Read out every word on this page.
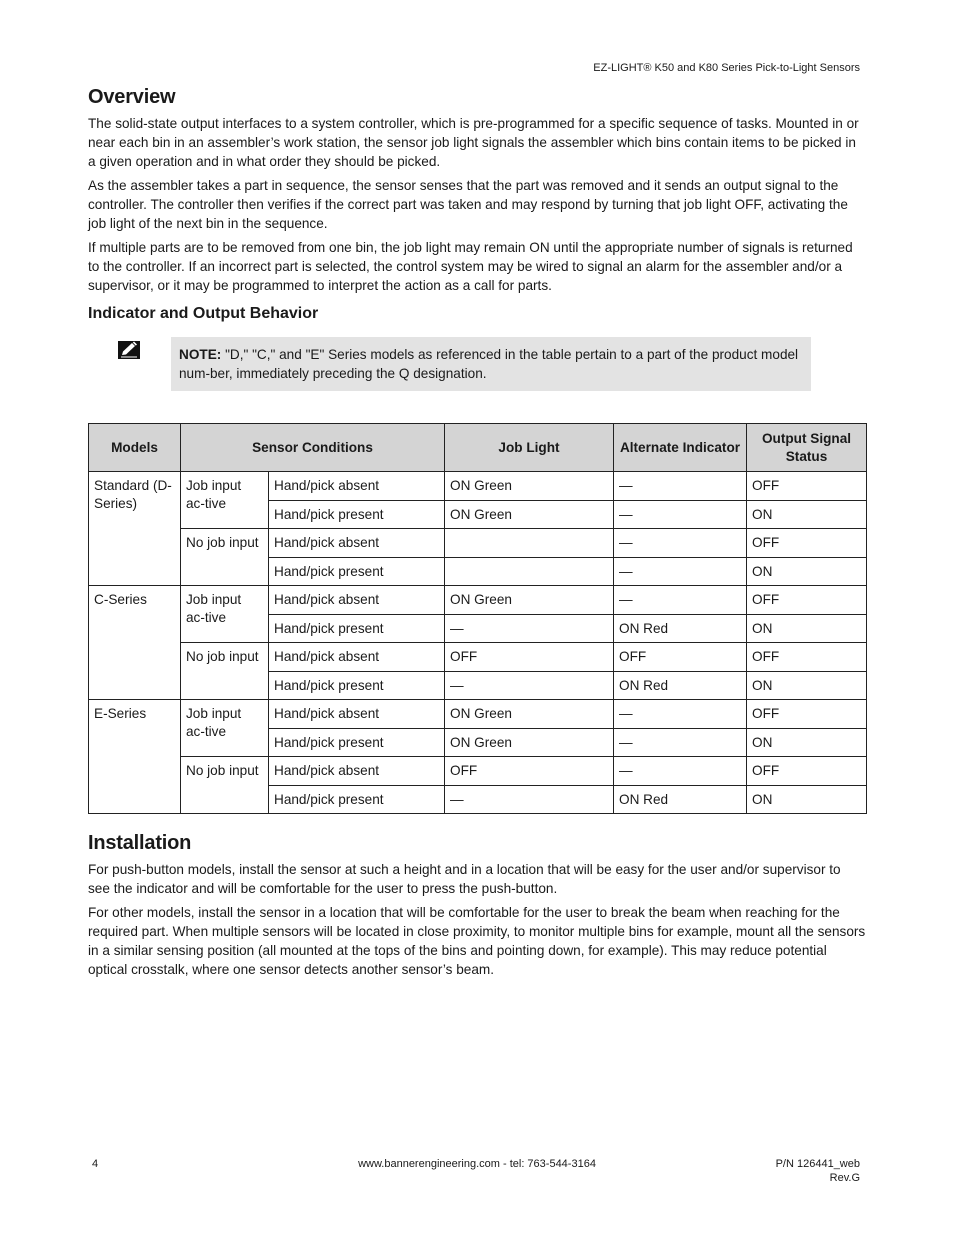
EZ-LIGHT® K50 and K80 Series Pick-to-Light Sensors
Overview

The solid-state output interfaces to a system controller, which is pre-programmed for a specific sequence of tasks. Mounted in or near each bin in an assembler’s work station, the sensor job light signals the assembler which bins contain items to be picked in a given operation and in what order they should be picked.

As the assembler takes a part in sequence, the sensor senses that the part was removed and it sends an output signal to the controller. The controller then verifies if the correct part was taken and may respond by turning that job light OFF, activating the job light of the next bin in the sequence.

If multiple parts are to be removed from one bin, the job light may remain ON until the appropriate number of signals is returned to the controller. If an incorrect part is selected, the control system may be wired to signal an alarm for the assembler and/or a supervisor, or it may be programmed to interpret the action as a call for parts.

Indicator and Output Behavior
NOTE: "D," "C," and "E" Series models as referenced in the table pertain to a part of the product model num-ber, immediately preceding the Q designation.
Models	Sensor Conditions		Job Light	Alternate Indicator	Output Signal Status
Standard (D-Series)	Job input ac-tive	Hand/pick absent	ON Green	—	OFF
		Hand/pick present	ON Green	—	ON
	No job input	Hand/pick absent		—	OFF
		Hand/pick present		—	ON
C-Series	Job input ac-tive	Hand/pick absent	ON Green	—	OFF
		Hand/pick present	—	ON Red	ON
	No job input	Hand/pick absent	OFF	OFF	OFF
		Hand/pick present	—	ON Red	ON
E-Series	Job input ac-tive	Hand/pick absent	ON Green	—	OFF
		Hand/pick present	ON Green	—	ON
	No job input	Hand/pick absent	OFF	—	OFF
		Hand/pick present	—	ON Red	ON
Installation

For push-button models, install the sensor at such a height and in a location that will be easy for the user and/or supervisor to see the indicator and will be comfortable for the user to press the push-button.

For other models, install the sensor in a location that will be comfortable for the user to break the beam when reaching for the required part. When multiple sensors will be located in close proximity, to monitor multiple bins for example, mount all the sensors in a similar sensing position (all mounted at the tops of the bins and pointing down, for example). This may reduce potential optical crosstalk, where one sensor detects another sensor’s beam.

4	www.bannerengineering.com - tel: 763-544-3164	P/N 126441_web
Rev.G
